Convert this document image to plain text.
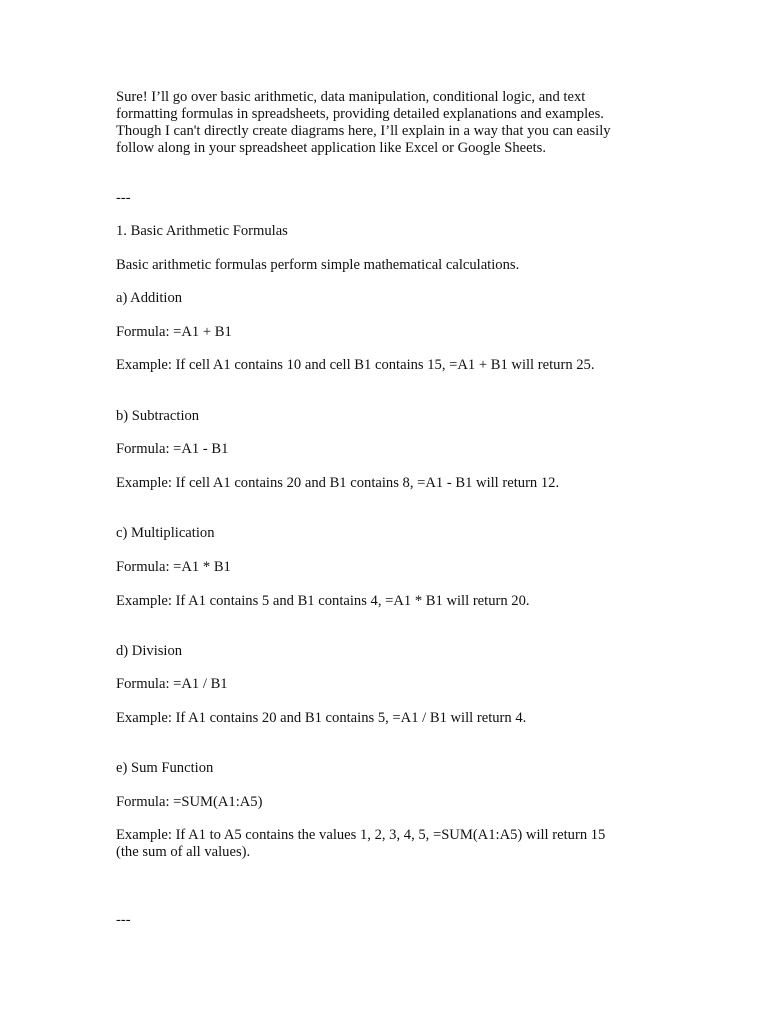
Sure! I’ll go over basic arithmetic, data manipulation, conditional logic, and text
formatting formulas in spreadsheets, providing detailed explanations and examples.
Though I can't directly create diagrams here, I’ll explain in a way that you can easily
follow along in your spreadsheet application like Excel or Google Sheets.
---
1. Basic Arithmetic Formulas
Basic arithmetic formulas perform simple mathematical calculations.
a) Addition
Formula: =A1 + B1
Example: If cell A1 contains 10 and cell B1 contains 15, =A1 + B1 will return 25.
b) Subtraction
Formula: =A1 - B1
Example: If cell A1 contains 20 and B1 contains 8, =A1 - B1 will return 12.
c) Multiplication
Formula: =A1 * B1
Example: If A1 contains 5 and B1 contains 4, =A1 * B1 will return 20.
d) Division
Formula: =A1 / B1
Example: If A1 contains 20 and B1 contains 5, =A1 / B1 will return 4.
e) Sum Function
Formula: =SUM(A1:A5)
Example: If A1 to A5 contains the values 1, 2, 3, 4, 5, =SUM(A1:A5) will return 15
(the sum of all values).
---
